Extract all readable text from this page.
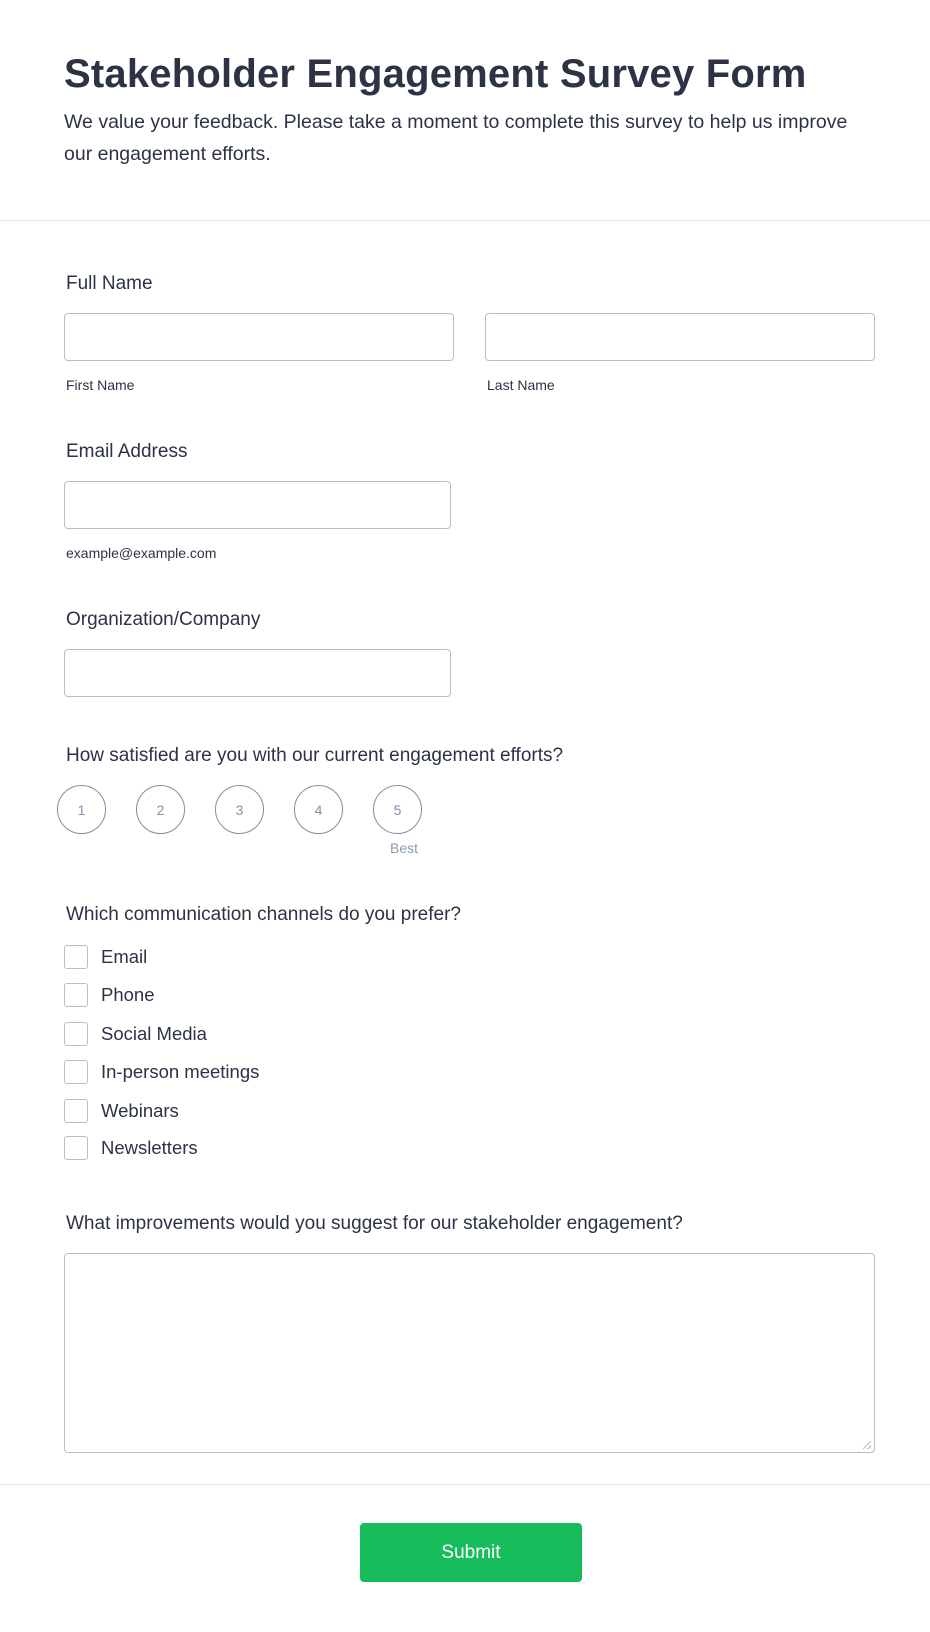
Stakeholder Engagement Survey Form

We value your feedback. Please take a moment to complete this survey to help us improve our engagement efforts.

Full Name
First Name	Last Name
Email Address
example@example.com
Organization/Company
How satisfied are you with our current engagement efforts?
1	2	3	4	5
Best
Which communication channels do you prefer?
Email
Phone
Social Media
In-person meetings
Webinars
Newsletters
What improvements would you suggest for our stakeholder engagement?
Submit
